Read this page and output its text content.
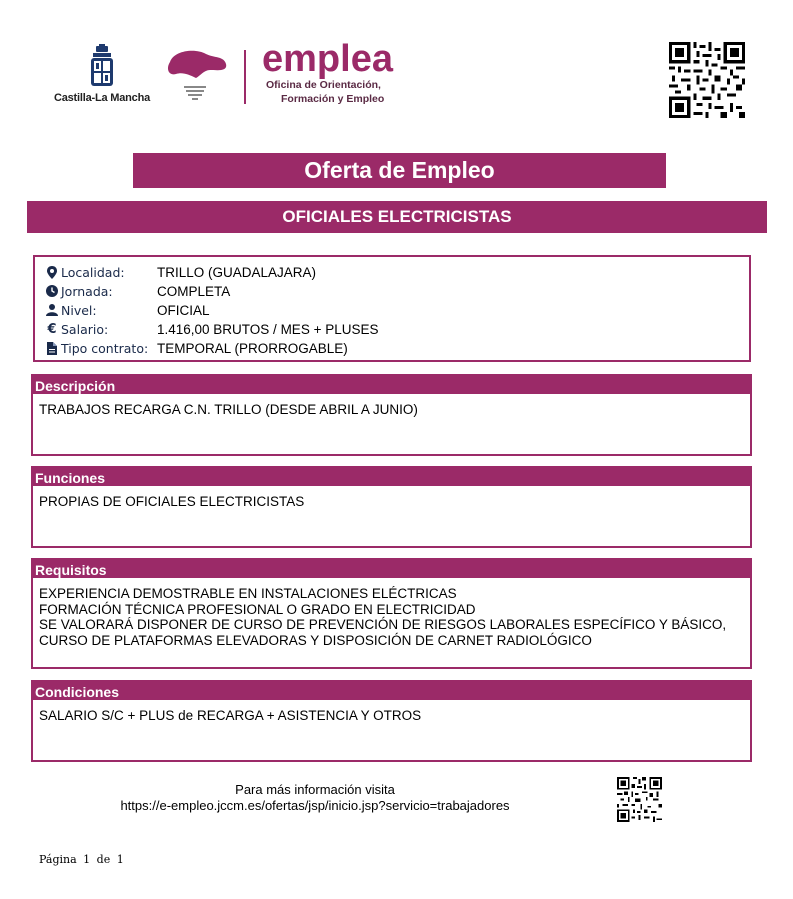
Castilla-La Mancha
emplea
Oficina de Orientación,
Formación y Empleo
Oferta de Empleo
OFICIALES ELECTRICISTAS
Localidad:	TRILLO (GUADALAJARA)
Jornada:	COMPLETA
Nivel:	OFICIAL
€ Salario:	1.416,00 BRUTOS / MES + PLUSES
Tipo contrato: TEMPORAL (PRORROGABLE)
Descripción
TRABAJOS RECARGA C.N. TRILLO (DESDE ABRIL A JUNIO)
Funciones
PROPIAS DE OFICIALES ELECTRICISTAS
Requisitos
EXPERIENCIA DEMOSTRABLE EN INSTALACIONES ELÉCTRICAS
FORMACIÓN TÉCNICA PROFESIONAL O GRADO EN ELECTRICIDAD
SE VALORARÁ DISPONER DE CURSO DE PREVENCIÓN DE RIESGOS LABORALES ESPECÍFICO Y BÁSICO,
CURSO DE PLATAFORMAS ELEVADORAS Y DISPOSICIÓN DE CARNET RADIOLÓGICO
Condiciones
SALARIO S/C + PLUS de RECARGA + ASISTENCIA Y OTROS
Para más información visita
https://e-empleo.jccm.es/ofertas/jsp/inicio.jsp?servicio=trabajadores
Página 1 de 1
